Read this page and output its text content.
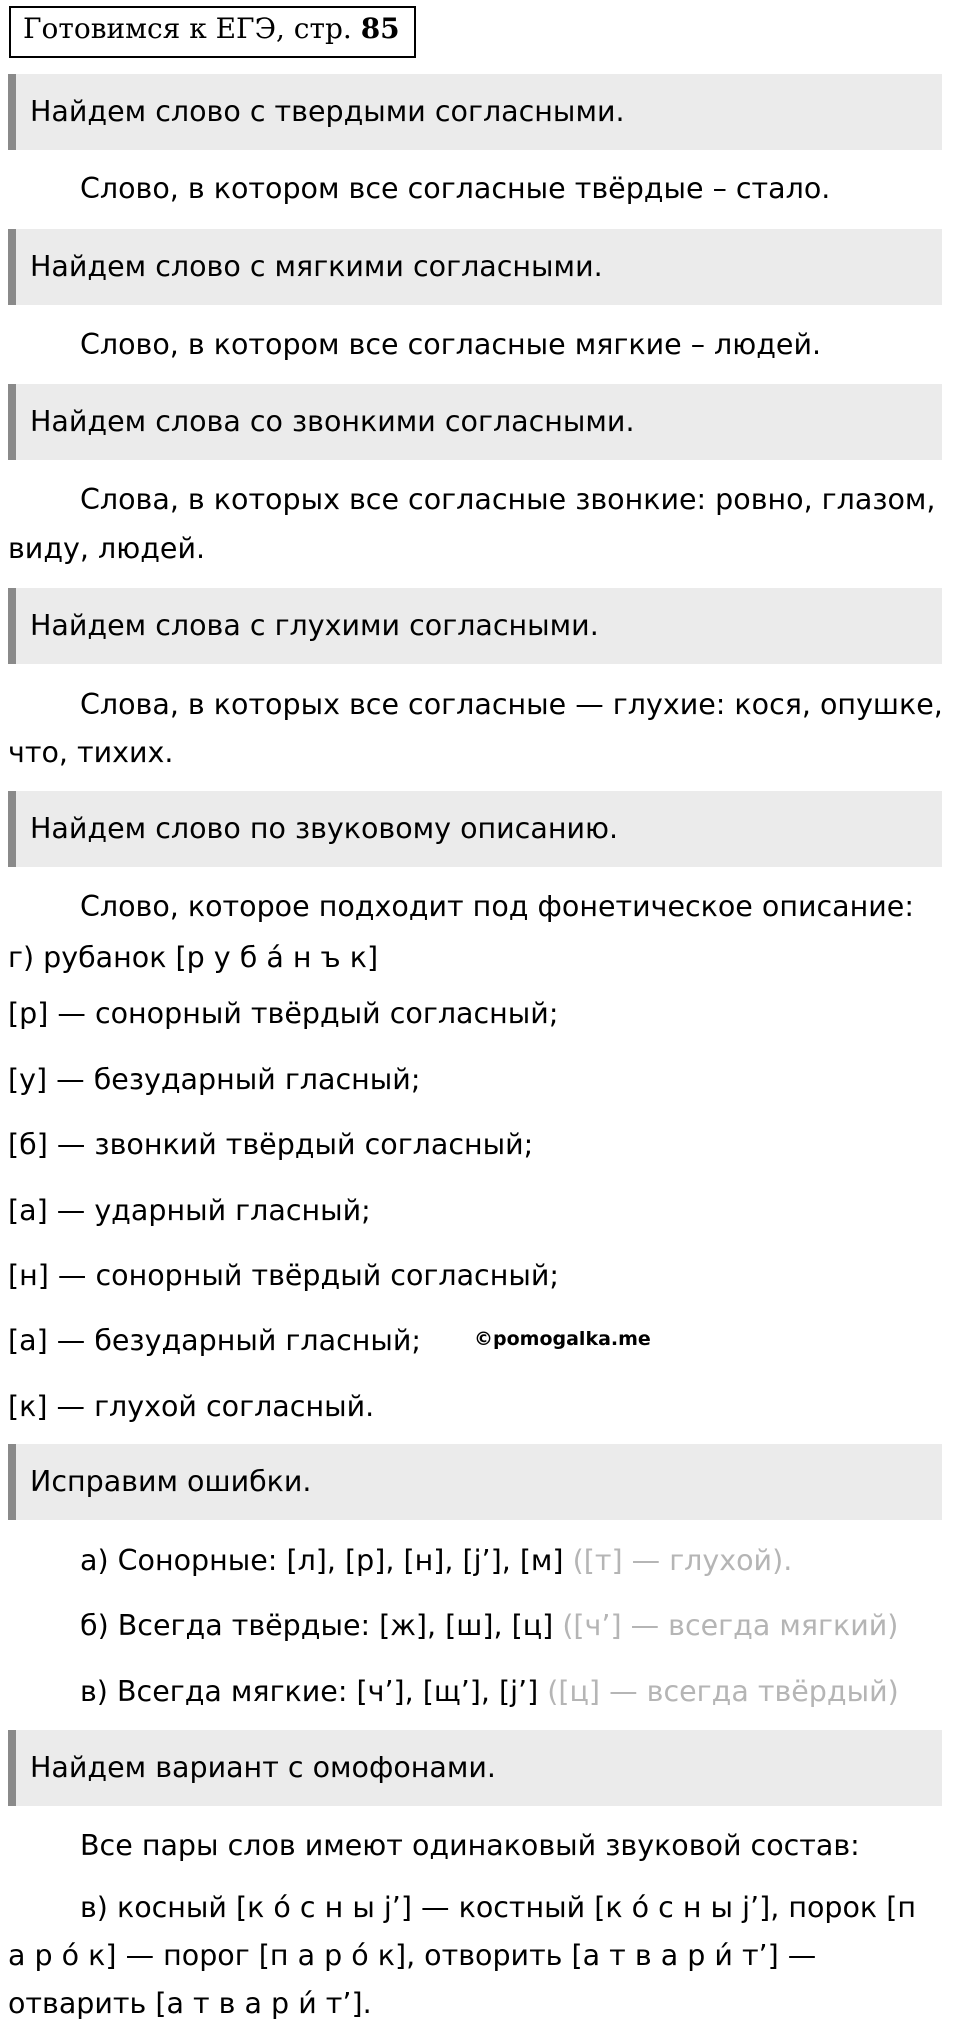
Готовимся к ЕГЭ, стр. 85
Найдем слово с твердыми согласными.
Слово, в котором все согласные твёрдые – стало.
Найдем слово с мягкими согласными.
Слово, в котором все согласные мягкие – людей.
Найдем слова со звонкими согласными.
Слова, в которых все согласные звонкие: ровно, глазом,
виду, людей.
Найдем слова с глухими согласными.
Слова, в которых все согласные — глухие: кося, опушке,
что, тихих.
Найдем слово по звуковому описанию.
Слово, которое подходит под фонетическое описание:
г) рубанок [р у б а́ н ъ к]
[р] — сонорный твёрдый согласный;
[у] — безударный гласный;
[б] — звонкий твёрдый согласный;
[а] — ударный гласный;
[н] — сонорный твёрдый согласный;
[а] — безударный гласный;	©pomogalka.me
[к] — глухой согласный.
Исправим ошибки.
а) Сонорные: [л], [р], [н], [j’], [м] ([т] — глухой).
б) Всегда твёрдые: [ж], [ш], [ц] ([ч’] — всегда мягкий)
в) Всегда мягкие: [ч’], [щ’], [j’] ([ц] — всегда твёрдый)
Найдем вариант с омофонами.
Все пары слов имеют одинаковый звуковой состав:
в) косный [к о́ с н ы j’] — костный [к о́ с н ы j’], порок [п
а р о́ к] — порог [п а р о́ к], отворить [а т в а р и́ т’] —
отварить [а т в а р и́ т’].
